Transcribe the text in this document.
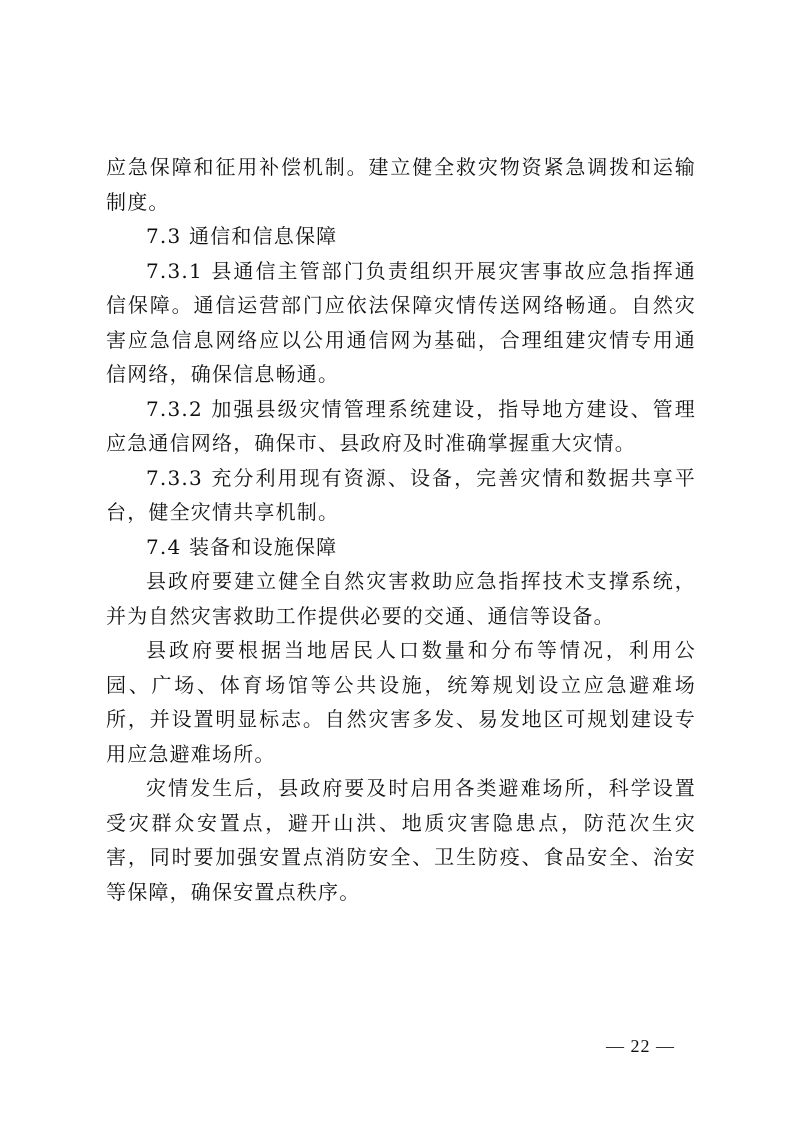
应急保障和征用补偿机制。建立健全救灾物资紧急调拨和运输制度。

7.3 通信和信息保障

7.3.1 县通信主管部门负责组织开展灾害事故应急指挥通信保障。通信运营部门应依法保障灾情传送网络畅通。自然灾害应急信息网络应以公用通信网为基础，合理组建灾情专用通信网络，确保信息畅通。

7.3.2 加强县级灾情管理系统建设，指导地方建设、管理应急通信网络，确保市、县政府及时准确掌握重大灾情。

7.3.3 充分利用现有资源、设备，完善灾情和数据共享平台，健全灾情共享机制。

7.4 装备和设施保障

县政府要建立健全自然灾害救助应急指挥技术支撑系统，并为自然灾害救助工作提供必要的交通、通信等设备。

县政府要根据当地居民人口数量和分布等情况，利用公园、广场、体育场馆等公共设施，统筹规划设立应急避难场所，并设置明显标志。自然灾害多发、易发地区可规划建设专用应急避难场所。

灾情发生后，县政府要及时启用各类避难场所，科学设置受灾群众安置点，避开山洪、地质灾害隐患点，防范次生灾害，同时要加强安置点消防安全、卫生防疫、食品安全、治安等保障，确保安置点秩序。

— 22 —
